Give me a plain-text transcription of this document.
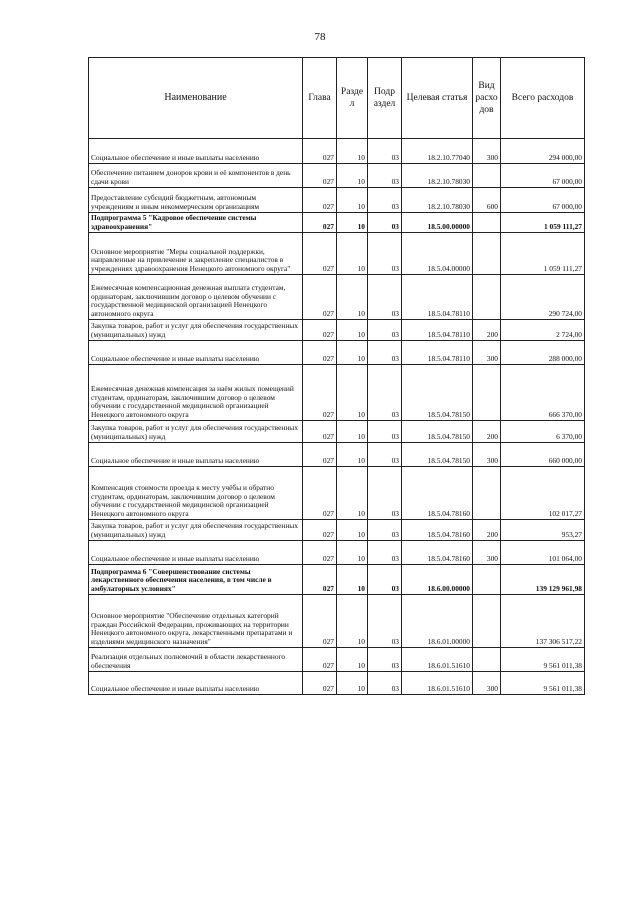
78
Наименование	Глава	Разде л	Подр аздел	Целевая статья	Вид расхо дов	Всего расходов
Социальное обеспечение и иные выплаты населению	027	10	03	18.2.10.77040	300	294 000,00
Обеспечение питанием доноров крови и её компонентов в день сдачи крови	027	10	03	18.2.10.78030		67 000,00
Предоставление субсидий бюджетным, автономным учреждениям и иным некоммерческим организациям	027	10	03	18.2.10.78030	600	67 000,00
Подпрограмма 5 "Кадровое обеспечение системы здравоохранения"	027	10	03	18.5.00.00000		1 059 111,27
Основное мероприятие "Меры социальной поддержки, направленные на привлечение и закрепление специалистов в учреждениях здравоохранения Ненецкого автономного округа"	027	10	03	18.5.04.00000		1 059 111,27
Ежемесячная компенсационная денежная выплата студентам, ординаторам, заключившим договор о целевом обучении с государственной медицинской организацией Ненецкого автономного округа	027	10	03	18.5.04.78110		290 724,00
Закупка товаров, работ и услуг для обеспечения государственных (муниципальных) нужд	027	10	03	18.5.04.78110	200	2 724,00
Социальное обеспечение и иные выплаты населению	027	10	03	18.5.04.78110	300	288 000,00
Ежемесячная денежная компенсация за наём жилых помещений студентам, ординаторам, заключившим договор о целевом обучении с государственной медицинской организацией Ненецкого автономного округа	027	10	03	18.5.04.78150		666 370,00
Закупка товаров, работ и услуг для обеспечения государственных (муниципальных) нужд	027	10	03	18.5.04.78150	200	6 370,00
Социальное обеспечение и иные выплаты населению	027	10	03	18.5.04.78150	300	660 000,00
Компенсация стоимости проезда к месту учёбы и обратно студентам, ординаторам, заключившим договор о целевом обучении с государственной медицинской организацией Ненецкого автономного округа	027	10	03	18.5.04.78160		102 017,27
Закупка товаров, работ и услуг для обеспечения государственных (муниципальных) нужд	027	10	03	18.5.04.78160	200	953,27
Социальное обеспечение и иные выплаты населению	027	10	03	18.5.04.78160	300	101 064,00
Подпрограмма 6 "Совершенствование системы лекарственного обеспечения населения, в том числе в амбулаторных условиях"	027	10	03	18.6.00.00000		139 129 961,98
Основное мероприятие "Обеспечение отдельных категорий граждан Российской Федерации, проживающих на территории Ненецкого автономного округа, лекарственными препаратами и изделиями медицинского назначения"	027	10	03	18.6.01.00000		137 306 517,22
Реализация отдельных полномочий в области лекарственного обеспечения	027	10	03	18.6.01.51610		9 561 011,38
Социальное обеспечение и иные выплаты населению	027	10	03	18.6.01.51610	300	9 561 011,38
